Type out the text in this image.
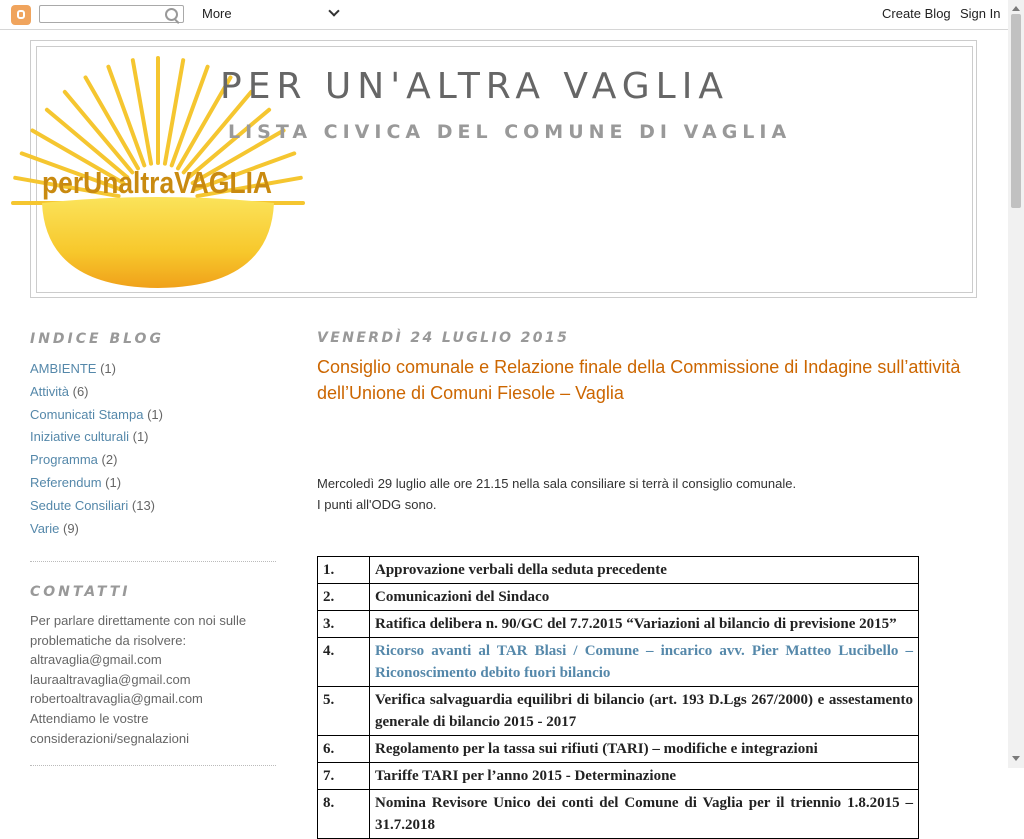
More	Create Blog Sign In
perUnaltraVAGLIA
PER UN'ALTRA VAGLIA
LISTA CIVICA DEL COMUNE DI VAGLIA
INDICE BLOG
AMBIENTE (1)
Attività (6)
Comunicati Stampa (1)
Iniziative culturali (1)
Programma (2)
Referendum (1)
Sedute Consiliari (13)
Varie (9)
CONTATTI
Per parlare direttamente con noi sulle
problematiche da risolvere:
altravaglia@gmail.com
lauraaltravaglia@gmail.com
robertoaltravaglia@gmail.com
Attendiamo le vostre
considerazioni/segnalazioni
VENERDÌ 24 LUGLIO 2015
Consiglio comunale e Relazione finale della Commissione di Indagine sull’attività dell’Unione di Comuni Fiesole – Vaglia
Mercoledì 29 luglio alle ore 21.15 nella sala consiliare si terrà il consiglio comunale.
I punti all'ODG sono.
1.	Approvazione verbali della seduta precedente
2.	Comunicazioni del Sindaco
3.	Ratifica delibera n. 90/GC del 7.7.2015 “Variazioni al bilancio di previsione 2015”
4.	Ricorso avanti al TAR Blasi / Comune – incarico avv. Pier Matteo Lucibello – Riconoscimento debito fuori bilancio
5.	Verifica salvaguardia equilibri di bilancio (art. 193 D.Lgs 267/2000) e assestamento generale di bilancio 2015 - 2017
6.	Regolamento per la tassa sui rifiuti (TARI) – modifiche e integrazioni
7.	Tariffe TARI per l’anno 2015 - Determinazione
8.	Nomina Revisore Unico dei conti del Comune di Vaglia per il triennio 1.8.2015 – 31.7.2018
